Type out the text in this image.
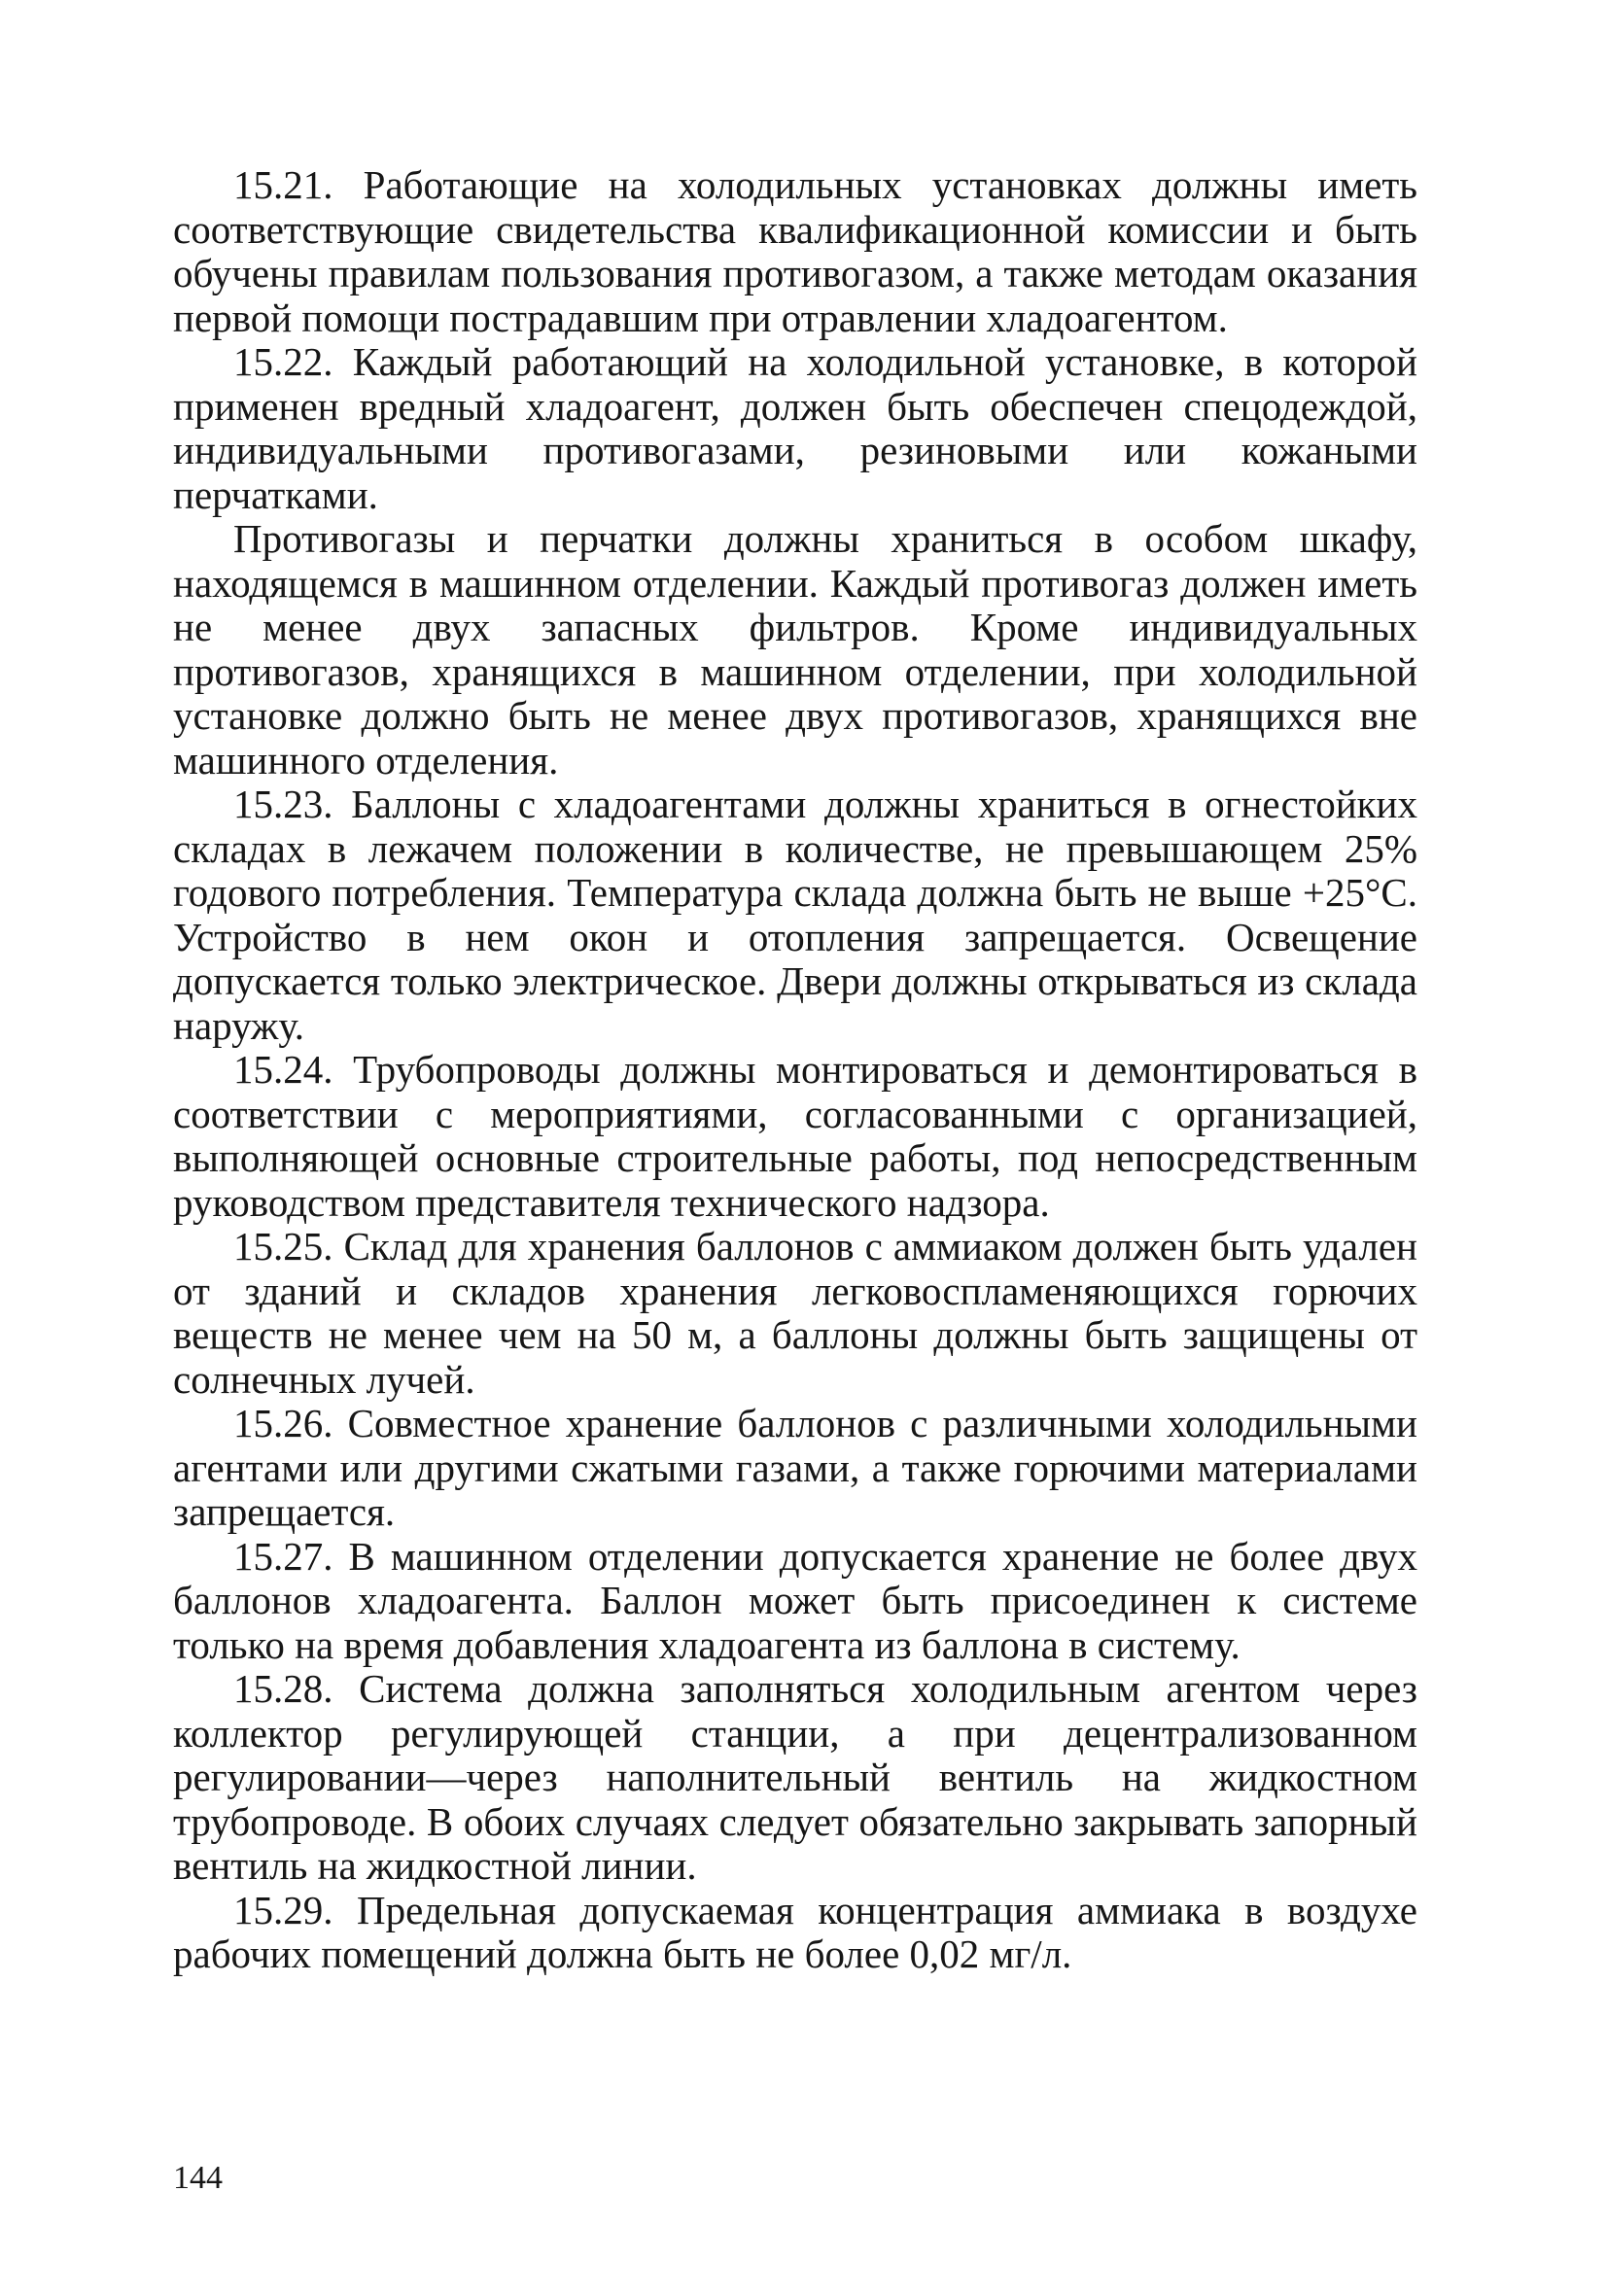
15.21. Работающие на холодильных установках должны иметь соответствующие свидетельства квалификационной комиссии и быть обучены правилам пользования противогазом, а также методам оказания первой помощи пострадавшим при отравлении хладоагентом.

15.22. Каждый работающий на холодильной установке, в которой применен вредный хладоагент, должен быть обеспечен спецодеждой, индивидуальными противогазами, резиновыми или кожаными перчатками.

Противогазы и перчатки должны храниться в особом шкафу, находящемся в машинном отделении. Каждый противогаз должен иметь не менее двух запасных фильтров. Кроме индивидуальных противогазов, хранящихся в машинном отделении, при холодильной установке должно быть не менее двух противогазов, хранящихся вне машинного отделения.

15.23. Баллоны с хладоагентами должны храниться в огнестойких складах в лежачем положении в количестве, не превышающем 25% годового потребления. Температура склада должна быть не выше +25°С. Устройство в нем окон и отопления запрещается. Освещение допускается только электрическое. Двери должны открываться из склада наружу.

15.24. Трубопроводы должны монтироваться и демонтироваться в соответствии с мероприятиями, согласованными с организацией, выполняющей основные строительные работы, под непосредственным руководством представителя технического надзора.

15.25. Склад для хранения баллонов с аммиаком должен быть удален от зданий и складов хранения легковоспламеняющихся горючих веществ не менее чем на 50 м, а баллоны должны быть защищены от солнечных лучей.

15.26. Совместное хранение баллонов с различными холодильными агентами или другими сжатыми газами, а также горючими материалами запрещается.

15.27. В машинном отделении допускается хранение не более двух баллонов хладоагента. Баллон может быть присоединен к системе только на время добавления хладоагента из баллона в систему.

15.28. Система должна заполняться холодильным агентом через коллектор регулирующей станции, а при децентрализованном регулировании—через наполнительный вентиль на жидкостном трубопроводе. В обоих случаях следует обязательно закрывать запорный вентиль на жидкостной линии.

15.29. Предельная допускаемая концентрация аммиака в воздухе рабочих помещений должна быть не более 0,02 мг/л.

144
